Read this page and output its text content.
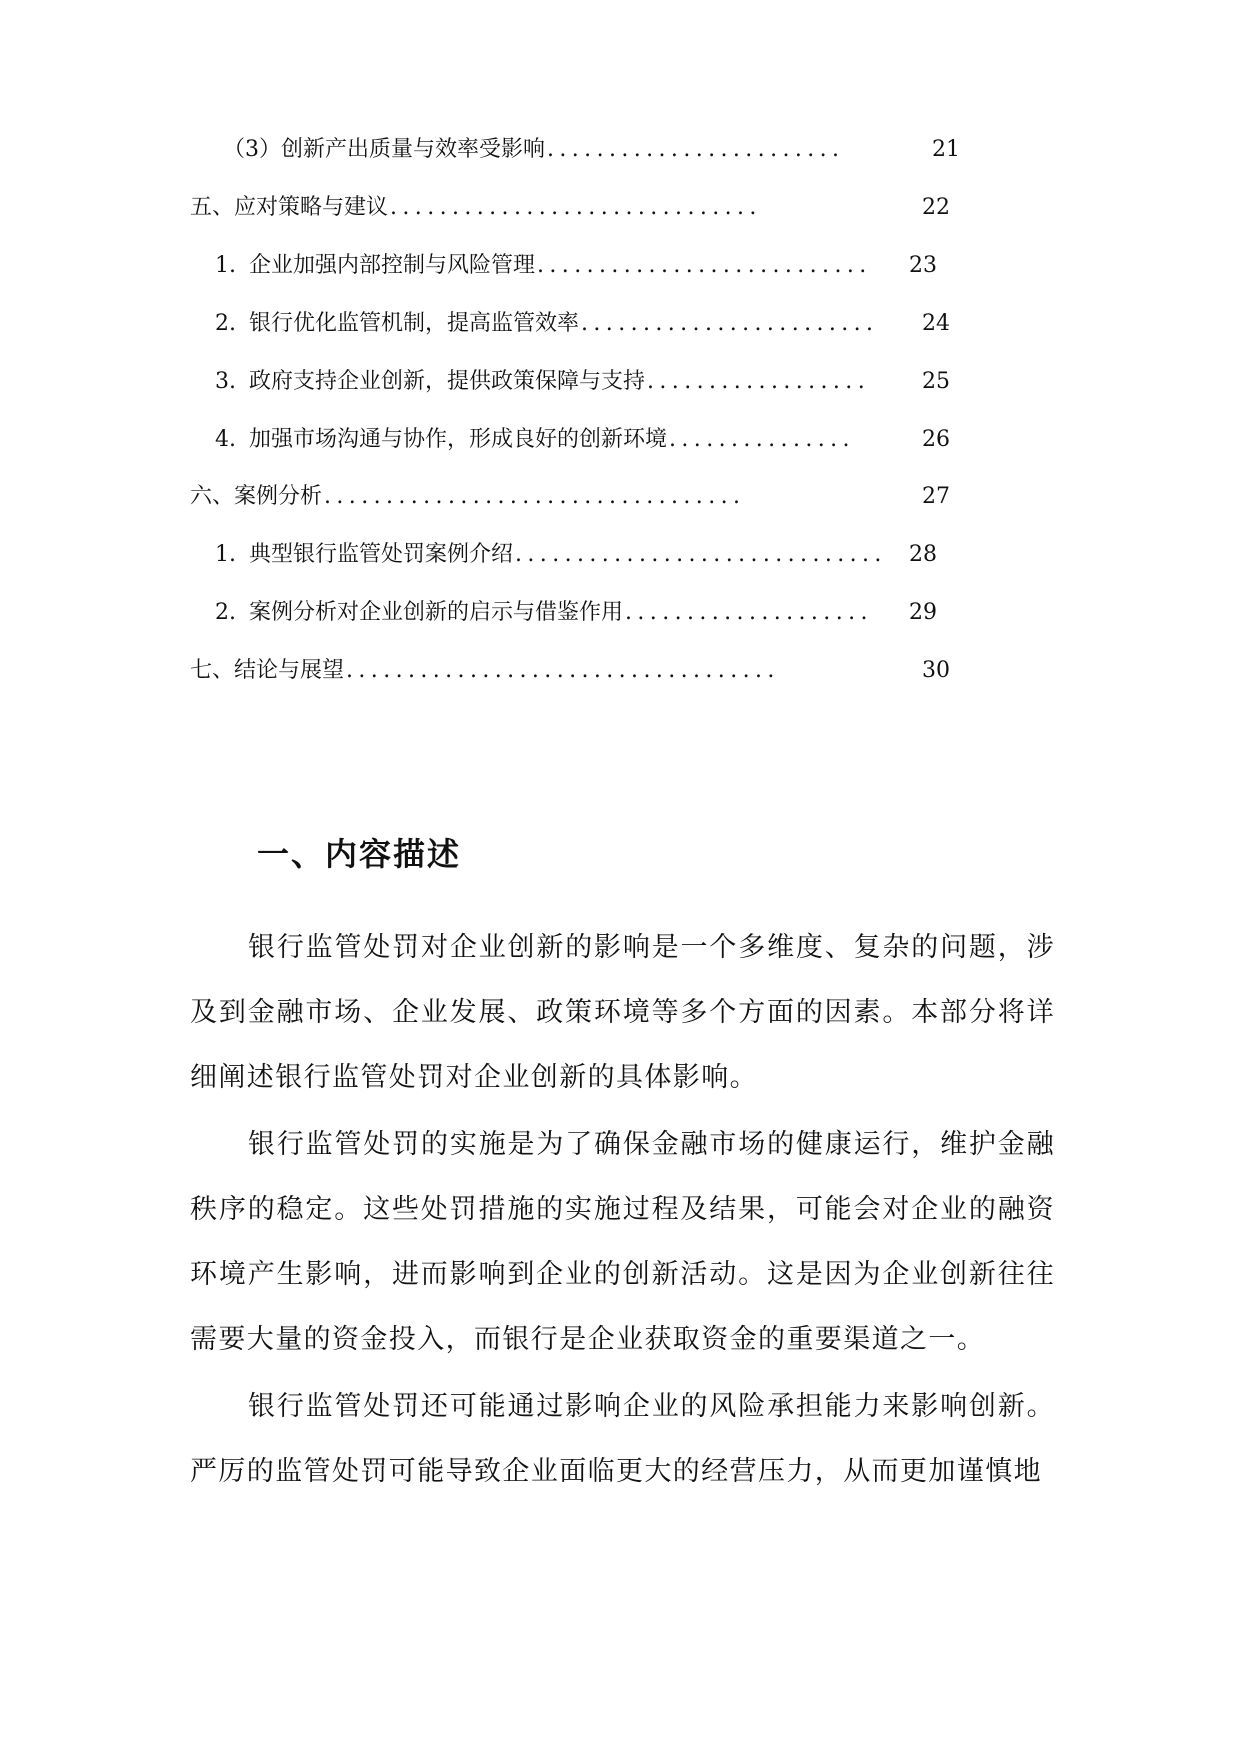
（3）创新产出质量与效率受影响 ........................	21
五、应对策略与建议 ..............................	22
1. 企业加强内部控制与风险管理 ...........................	23
2. 银行优化监管机制，提高监管效率 ........................	24
3. 政府支持企业创新，提供政策保障与支持 ..................	25
4. 加强市场沟通与协作，形成良好的创新环境 ...............	26
六、案例分析 ..................................	27
1. 典型银行监管处罚案例介绍 ..............................	28
2. 案例分析对企业创新的启示与借鉴作用 ....................	29
七、结论与展望 ...................................	30
一、内容描述

银行监管处罚对企业创新的影响是一个多维度、复杂的问题，涉及到金融市场、企业发展、政策环境等多个方面的因素。本部分将详细阐述银行监管处罚对企业创新的具体影响。

银行监管处罚的实施是为了确保金融市场的健康运行，维护金融秩序的稳定。这些处罚措施的实施过程及结果，可能会对企业的融资环境产生影响，进而影响到企业的创新活动。这是因为企业创新往往需要大量的资金投入，而银行是企业获取资金的重要渠道之一。

银行监管处罚还可能通过影响企业的风险承担能力来影响创新。严厉的监管处罚可能导致企业面临更大的经营压力，从而更加谨慎地
